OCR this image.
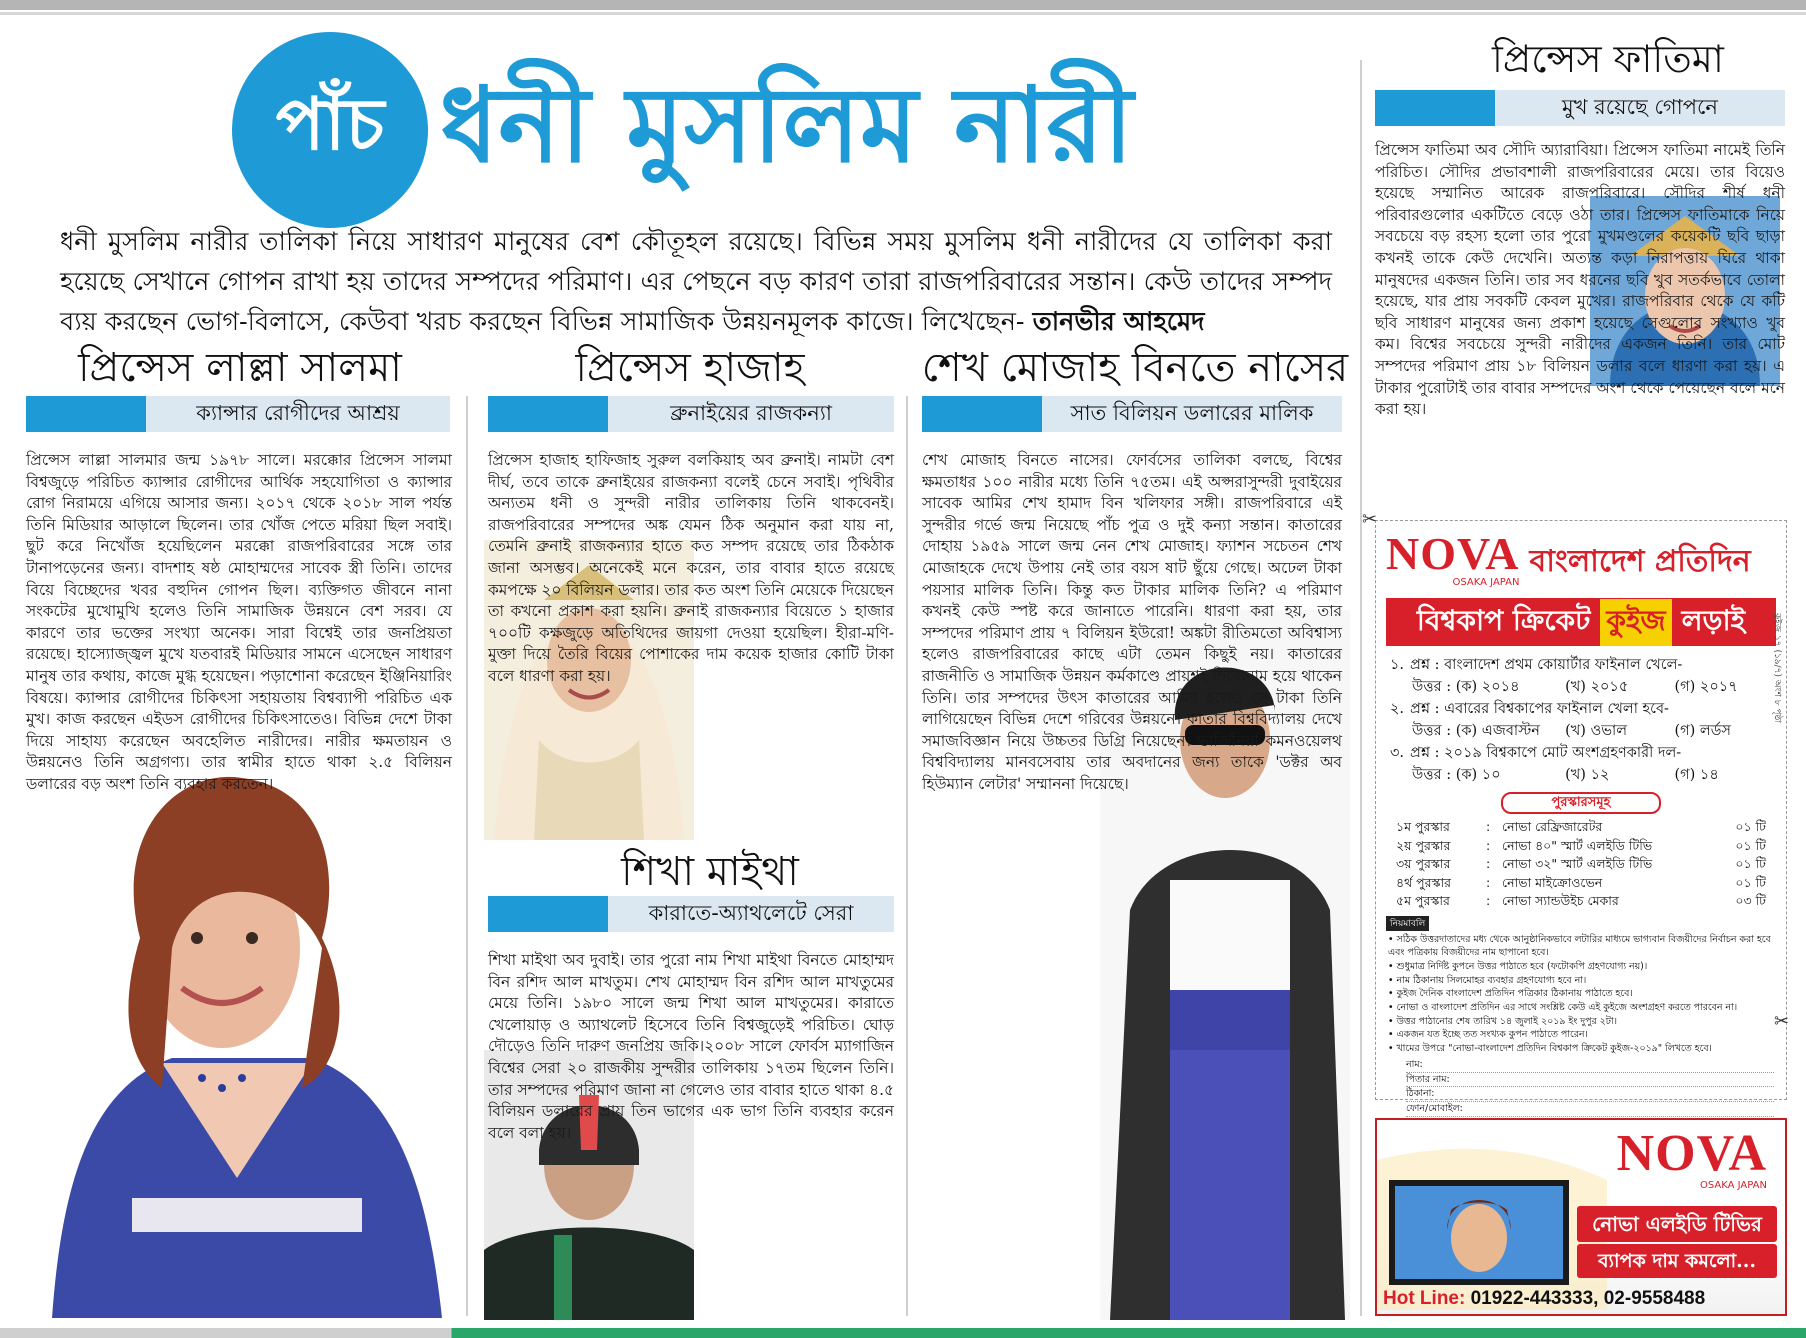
পাঁচ ধনী মুসলিম নারী
ধনী মুসলিম নারীর তালিকা নিয়ে সাধারণ মানুষের বেশ কৌতূহল রয়েছে। বিভিন্ন সময় মুসলিম ধনী নারীদের যে তালিকা করা হয়েছে সেখানে গোপন রাখা হয় তাদের সম্পদের পরিমাণ। এর পেছনে বড় কারণ তারা রাজপরিবারের সন্তান। কেউ তাদের সম্পদ ব্যয় করছেন ভোগ-বিলাসে, কেউবা খরচ করছেন বিভিন্ন সামাজিক উন্নয়নমূলক কাজে। লিখেছেন- তানভীর আহমেদ
প্রিন্সেস লাল্লা সালমা
ক্যান্সার রোগীদের আশ্রয়
প্রিন্সেস লাল্লা সালমার জন্ম ১৯৭৮ সালে। মরক্কোর প্রিন্সেস সালমা বিশ্বজুড়ে পরিচিত ক্যান্সার রোগীদের আর্থিক সহযোগিতা ও ক্যান্সার রোগ নিরাময়ে এগিয়ে আসার জন্য। ২০১৭ থেকে ২০১৮ সাল পর্যন্ত তিনি মিডিয়ার আড়ালে ছিলেন। তার খোঁজ পেতে মরিয়া ছিল সবাই। ছুট করে নিখোঁজ হয়েছিলেন মরক্কো রাজপরিবারের সঙ্গে তার টানাপড়েনের জন্য। বাদশাহ ষষ্ঠ মোহাম্মদের সাবেক স্ত্রী তিনি। তাদের বিয়ে বিচ্ছেদের খবর বহুদিন গোপন ছিল। ব্যক্তিগত জীবনে নানা সংকটের মুখোমুখি হলেও তিনি সামাজিক উন্নয়নে বেশ সরব। যে কারণে তার ভক্তের সংখ্যা অনেক। সারা বিশ্বেই তার জনপ্রিয়তা রয়েছে। হাস্যোজ্জ্বল মুখে যতবারই মিডিয়ার সামনে এসেছেন সাধারণ মানুষ তার কথায়, কাজে মুগ্ধ হয়েছেন। পড়াশোনা করেছেন ইঞ্জিনিয়ারিং বিষয়ে। ক্যান্সার রোগীদের চিকিৎসা সহায়তায় বিশ্বব্যাপী পরিচিত এক মুখ। কাজ করছেন এইডস রোগীদের চিকিৎসাতেও। বিভিন্ন দেশে টাকা দিয়ে সাহায্য করেছেন অবহেলিত নারীদের। নারীর ক্ষমতায়ন ও উন্নয়নেও তিনি অগ্রগণ্য। তার স্বামীর হাতে থাকা ২.৫ বিলিয়ন ডলারের বড় অংশ তিনি ব্যবহার করতেন।
প্রিন্সেস হাজাহ
ব্রুনাইয়ের রাজকন্যা
প্রিন্সেস হাজাহ হাফিজাহ সুরুল বলকিয়াহ অব ব্রুনাই। নামটা বেশ দীর্ঘ, তবে তাকে ব্রুনাইয়ের রাজকন্যা বলেই চেনে সবাই। পৃথিবীর অন্যতম ধনী ও সুন্দরী নারীর তালিকায় তিনি থাকবেনই। রাজপরিবারের সম্পদের অঙ্ক যেমন ঠিক অনুমান করা যায় না, তেমনি ব্রুনাই রাজকন্যার হাতে কত সম্পদ রয়েছে তার ঠিকঠাক জানা অসম্ভব। অনেকেই মনে করেন, তার বাবার হাতে রয়েছে কমপক্ষে ২০ বিলিয়ন ডলার। তার কত অংশ তিনি মেয়েকে দিয়েছেন তা কখনো প্রকাশ করা হয়নি। ব্রুনাই রাজকন্যার বিয়েতে ১ হাজার ৭০০টি কক্ষজুড়ে অতিথিদের জায়গা দেওয়া হয়েছিল। হীরা-মণি-মুক্তা দিয়ে তৈরি বিয়ের পোশাকের দাম কয়েক হাজার কোটি টাকা বলে ধারণা করা হয়।
শিখা মাইথা
কারাতে-অ্যাথলেটে সেরা
শিখা মাইথা অব দুবাই। তার পুরো নাম শিখা মাইথা বিনতে মোহাম্মদ বিন রশিদ আল মাখতুম। শেখ মোহাম্মদ বিন রশিদ আল মাখতুমের মেয়ে তিনি। ১৯৮০ সালে জন্ম শিখা আল মাখতুমের। কারাতে খেলোয়াড় ও অ্যাথলেট হিসেবে তিনি বিশ্বজুড়েই পরিচিত। ঘোড় দৌড়েও তিনি দারুণ জনপ্রিয় জকি।২০০৮ সালে ফোর্বস ম্যাগাজিন বিশ্বের সেরা ২০ রাজকীয় সুন্দরীর তালিকায় ১৭তম ছিলেন তিনি। তার সম্পদের পরিমাণ জানা না গেলেও তার বাবার হাতে থাকা ৪.৫ বিলিয়ন ডলারের প্রায় তিন ভাগের এক ভাগ তিনি ব্যবহার করেন বলে বলা হয়।
শেখ মোজাহ বিনতে নাসের
সাত বিলিয়ন ডলারের মালিক
শেখ মোজাহ বিনতে নাসের। ফোর্বসের তালিকা বলছে, বিশ্বের ক্ষমতাধর ১০০ নারীর মধ্যে তিনি ৭৫তম। এই অপ্সরাসুন্দরী দুবাইয়ের সাবেক আমির শেখ হামাদ বিন খলিফার সঙ্গী। রাজপরিবারে এই সুন্দরীর গর্ভে জন্ম নিয়েছে পাঁচ পুত্র ও দুই কন্যা সন্তান। কাতারের দোহায় ১৯৫৯ সালে জন্ম নেন শেখ মোজাহ। ফ্যাশন সচেতন শেখ মোজাহকে দেখে উপায় নেই তার বয়স ষাট ছুঁয়ে গেছে। অঢেল টাকা পয়সার মালিক তিনি। কিন্তু কত টাকার মালিক তিনি? এ পরিমাণ কখনই কেউ স্পষ্ট করে জানাতে পারেনি। ধারণা করা হয়, তার সম্পদের পরিমাণ প্রায় ৭ বিলিয়ন ইউরো! অঙ্কটা রীতিমতো অবিশ্বাস্য হলেও রাজপরিবারের কাছে এটা তেমন কিছুই নয়। কাতারের রাজনীতি ও সামাজিক উন্নয়ন কর্মকাণ্ডে প্রায়শই শিরোনাম হয়ে থাকেন তিনি। তার সম্পদের উৎস কাতারের আমির হলেও সে টাকা তিনি লাগিয়েছেন বিভিন্ন দেশে গরিবের উন্নয়নে। কাতার বিশ্ববিদ্যালয় দেখে সমাজবিজ্ঞান নিয়ে উচ্চতর ডিগ্রি নিয়েছেন। ভার্জিনিয়া কমনওয়েলথ বিশ্ববিদ্যালয় মানবসেবায় তার অবদানের জন্য তাকে 'ডক্টর অব হিউম্যান লেটার' সম্মাননা দিয়েছে।
প্রিন্সেস ফাতিমা
মুখ রয়েছে গোপনে
প্রিন্সেস ফাতিমা অব সৌদি অ্যারাবিয়া। প্রিন্সেস ফাতিমা নামেই তিনি পরিচিত। সৌদির প্রভাবশালী রাজপরিবারের মেয়ে। তার বিয়েও হয়েছে সম্মানিত আরেক রাজপরিবারে। সৌদির শীর্ষ ধনী পরিবারগুলোর একটিতে বেড়ে ওঠা তার। প্রিন্সেস ফাতিমাকে নিয়ে সবচেয়ে বড় রহস্য হলো তার পুরো মুখমণ্ডলের কয়েকটি ছবি ছাড়া কখনই তাকে কেউ দেখেনি। অত্যন্ত কড়া নিরাপত্তায় ঘিরে থাকা মানুষদের একজন তিনি। তার সব ধরনের ছবি খুব সতর্কভাবে তোলা হয়েছে, যার প্রায় সবকটি কেবল মুখের। রাজপরিবার থেকে যে কটি ছবি সাধারণ মানুষের জন্য প্রকাশ হয়েছে সেগুলোর সংখ্যাও খুব কম। বিশ্বের সবচেয়ে সুন্দরী নারীদের একজন তিনি। তার মোট সম্পদের পরিমাণ প্রায় ১৮ বিলিয়ন ডলার বলে ধারণা করা হয়। এ টাকার পুরোটাই তার বাবার সম্পদের অংশ থেকে পেয়েছেন বলে মনে করা হয়।
NOVA
OSAKA JAPAN
বাংলাদেশ প্রতিদিন
বিশ্বকাপ ক্রিকেট কুইজ লড়াই	কুইজ ১৭ (১৯/৭) অংশ ৮ পৃষ্ঠা
১. প্রশ্ন : বাংলাদেশ প্রথম কোয়ার্টার ফাইনাল খেলে-
উত্তর : (ক) ২০১৪	(খ) ২০১৫	(গ) ২০১৭
২. প্রশ্ন : এবারের বিশ্বকাপের ফাইনাল খেলা হবে-
উত্তর : (ক) এজবাস্টন	(খ) ওভাল	(গ) লর্ডস
৩. প্রশ্ন : ২০১৯ বিশ্বকাপে মোট অংশগ্রহণকারী দল-
উত্তর : (ক) ১০	(খ) ১২	(গ) ১৪
পুরস্কারসমূহ
১ম পুরস্কার	: নোভা রেফ্রিজারেটর	০১ টি
২য় পুরস্কার	: নোভা ৪০" স্মার্ট এলইডি টিভি	০১ টি
৩য় পুরস্কার	: নোভা ৩২" স্মার্ট এলইডি টিভি	০১ টি
৪র্থ পুরস্কার	: নোভা মাইক্রোওভেন	০১ টি
৫ম পুরস্কার	: নোভা স্যান্ডউইচ মেকার	০৩ টি
নিয়মাবলি
• সঠিক উত্তরদাতাদের মধ্য থেকে আনুষ্ঠানিকভাবে লটারির মাধ্যমে ভাগ্যবান বিজয়ীদের নির্বাচন করা হবে এবং পত্রিকায় বিজয়ীদের নাম ছাপানো হবে।
• শুধুমাত্র নির্দিষ্ট কুপনে উত্তর পাঠাতে হবে (ফটোকপি গ্রহণযোগ্য নয়)।
• নাম ঠিকানায় সিলমোহর ব্যবহার গ্রহণযোগ্য হবে না।
• কুইজ দৈনিক বাংলাদেশ প্রতিদিন পত্রিকার ঠিকানায় পাঠাতে হবে।
• নোভা ও বাংলাদেশ প্রতিদিন এর সাথে সংশ্লিষ্ট কেউ এই কুইজে অংশগ্রহণ করতে পারবেন না।
• উত্তর পাঠানোর শেষ তারিখ ১৪ জুলাই ২০১৯ ইং দুপুর ২টা।
• একজন যত ইচ্ছে তত সংখ্যক কুপন পাঠাতে পারেন।
• খামের উপরে "নোভা-বাংলাদেশ প্রতিদিন বিশ্বকাপ ক্রিকেট কুইজ-২০১৯" লিখতে হবে।
নাম:
পিতার নাম:
ঠিকানা:
ফোন/মোবাইল:
✂
✂
NOVA
OSAKA JAPAN
নোভা এলইডি টিভির
ব্যাপক দাম কমলো...
Hot Line: 01922-443333, 02-9558488
